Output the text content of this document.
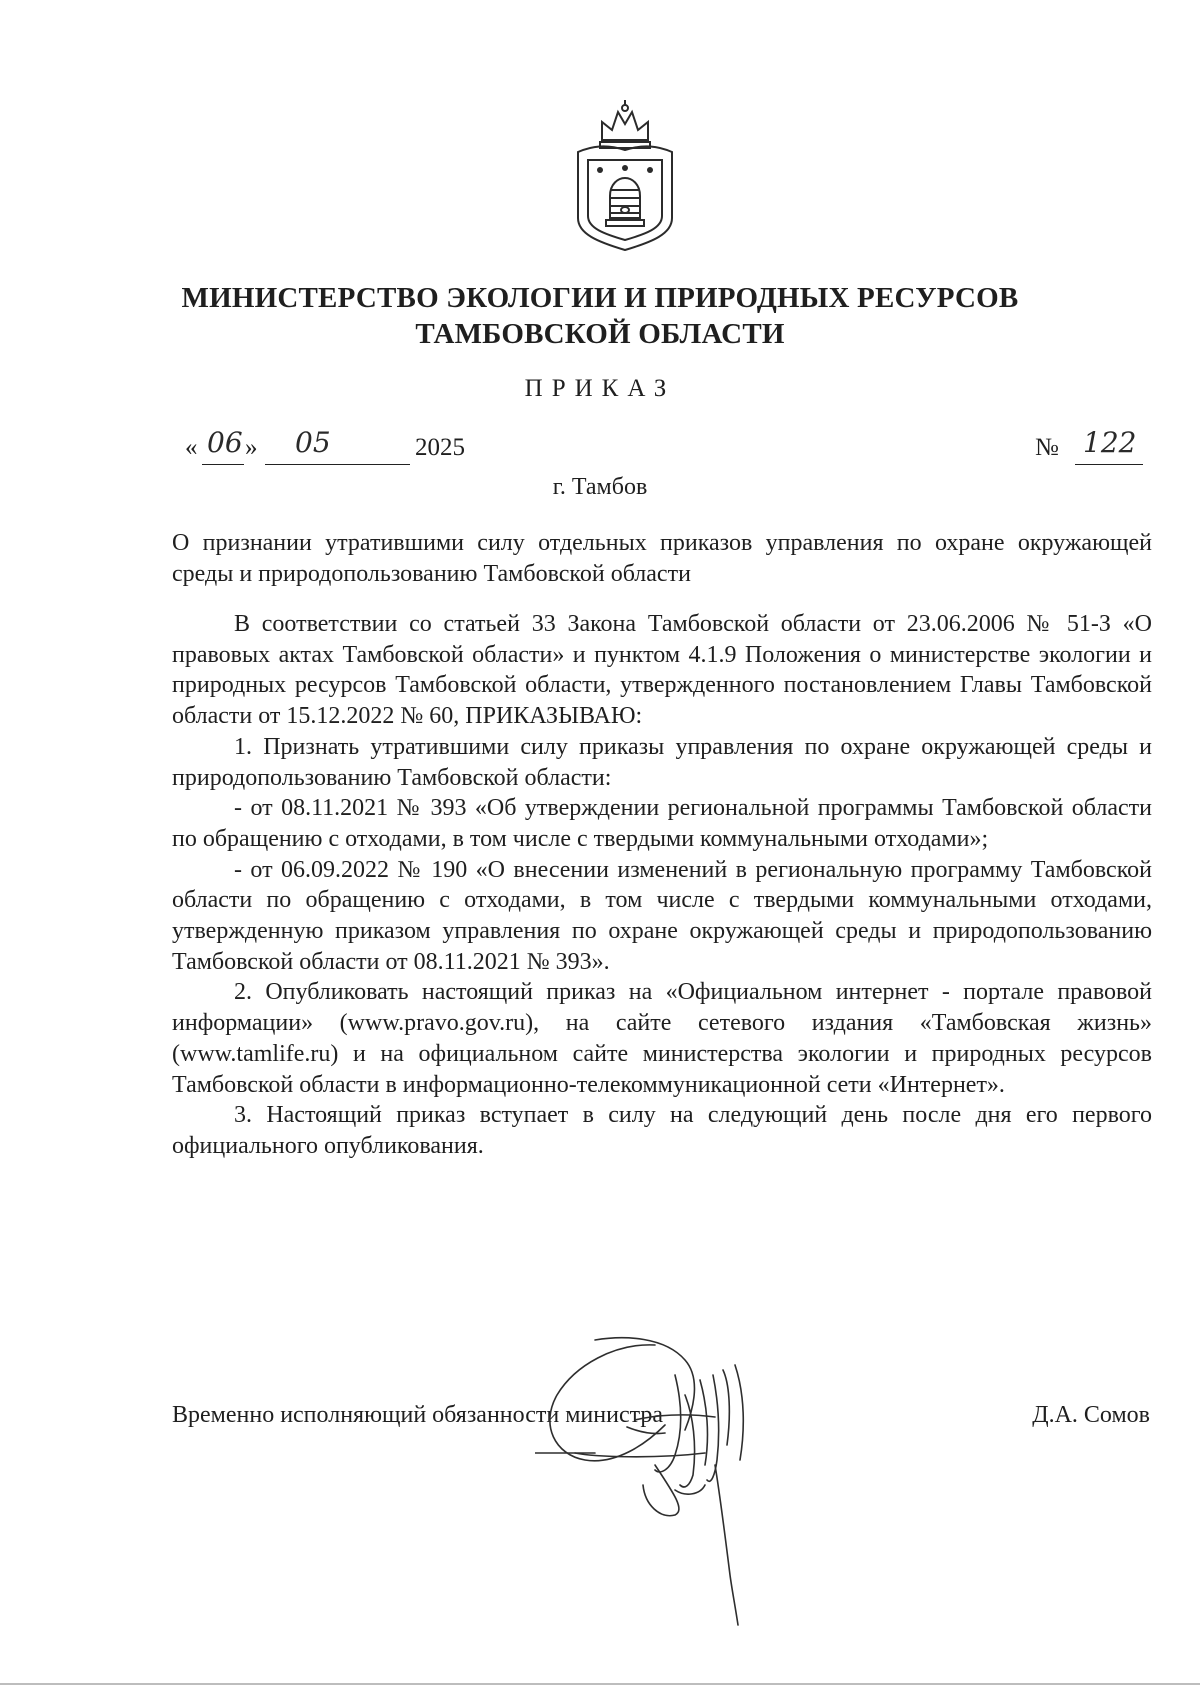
МИНИСТЕРСТВО ЭКОЛОГИИ И ПРИРОДНЫХ РЕСУРСОВ
ТАМБОВСКОЙ ОБЛАСТИ
ПРИКАЗ
« 06 » 05	2025	№ 122
г. Тамбов
О признании утратившими силу отдельных приказов управления по охране окружающей среды и природопользованию Тамбовской области

В соответствии со статьей 33 Закона Тамбовской области от 23.06.2006 № 51-З «О правовых актах Тамбовской области» и пунктом 4.1.9 Положения о министерстве экологии и природных ресурсов Тамбовской области, утвержденного постановлением Главы Тамбовской области от 15.12.2022 № 60, ПРИКАЗЫВАЮ:

1. Признать утратившими силу приказы управления по охране окружающей среды и природопользованию Тамбовской области:

- от 08.11.2021 № 393 «Об утверждении региональной программы Тамбовской области по обращению с отходами, в том числе с твердыми коммунальными отходами»;

- от 06.09.2022 № 190 «О внесении изменений в региональную программу Тамбовской области по обращению с отходами, в том числе с твердыми коммунальными отходами, утвержденную приказом управления по охране окружающей среды и природопользованию Тамбовской области от 08.11.2021 № 393».

2. Опубликовать настоящий приказ на «Официальном интернет - портале правовой информации» (www.pravo.gov.ru), на сайте сетевого издания «Тамбовская жизнь» (www.tamlife.ru) и на официальном сайте министерства экологии и природных ресурсов Тамбовской области в информационно-телекоммуникационной сети «Интернет».

3. Настоящий приказ вступает в силу на следующий день после дня его первого официального опубликования.

Временно исполняющий обязанности министра	Д.А. Сомов
